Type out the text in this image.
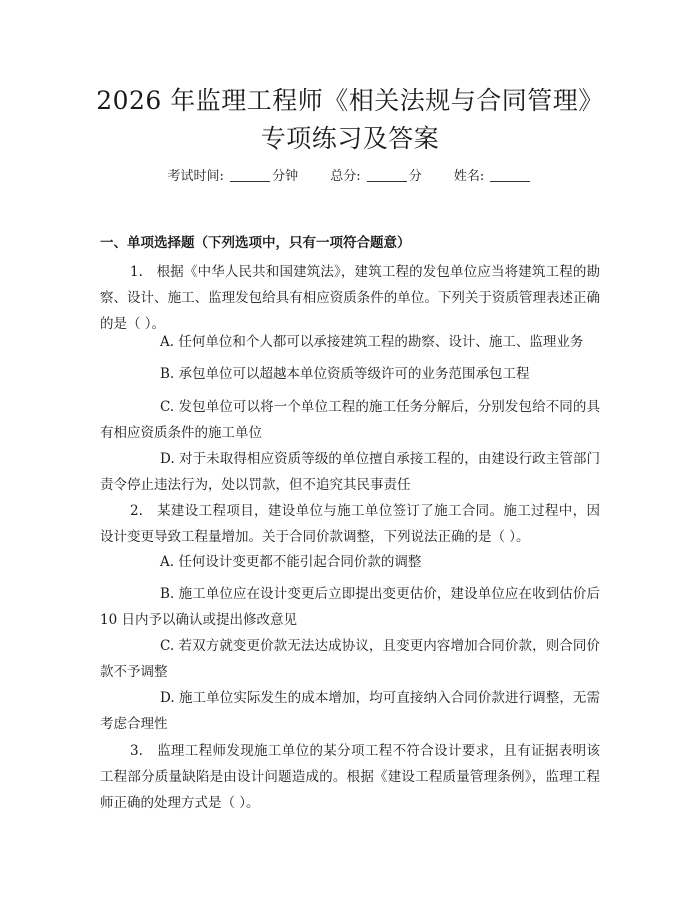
2026 年监理工程师《相关法规与合同管理》
专项练习及答案
考试时间:	分钟 总分:	分 姓名:
一、单项选择题（下列选项中，只有一项符合题意）
1.　根据《中华人民共和国建筑法》，建筑工程的发包单位应当将建筑工程的勘察、设计、施工、监理发包给具有相应资质条件的单位。下列关于资质管理表述正确的是（ ）。
A. 任何单位和个人都可以承接建筑工程的勘察、设计、施工、监理业务
B. 承包单位可以超越本单位资质等级许可的业务范围承包工程
C. 发包单位可以将一个单位工程的施工任务分解后，分别发包给不同的具有相应资质条件的施工单位
D. 对于未取得相应资质等级的单位擅自承接工程的，由建设行政主管部门责令停止违法行为，处以罚款，但不追究其民事责任
2.　某建设工程项目，建设单位与施工单位签订了施工合同。施工过程中，因设计变更导致工程量增加。关于合同价款调整，下列说法正确的是（ ）。
A. 任何设计变更都不能引起合同价款的调整
B. 施工单位应在设计变更后立即提出变更估价，建设单位应在收到估价后 10 日内予以确认或提出修改意见
C. 若双方就变更价款无法达成协议，且变更内容增加合同价款，则合同价款不予调整
D. 施工单位实际发生的成本增加，均可直接纳入合同价款进行调整，无需考虑合理性
3.　监理工程师发现施工单位的某分项工程不符合设计要求，且有证据表明该工程部分质量缺陷是由设计问题造成的。根据《建设工程质量管理条例》，监理工程师正确的处理方式是（ ）。
